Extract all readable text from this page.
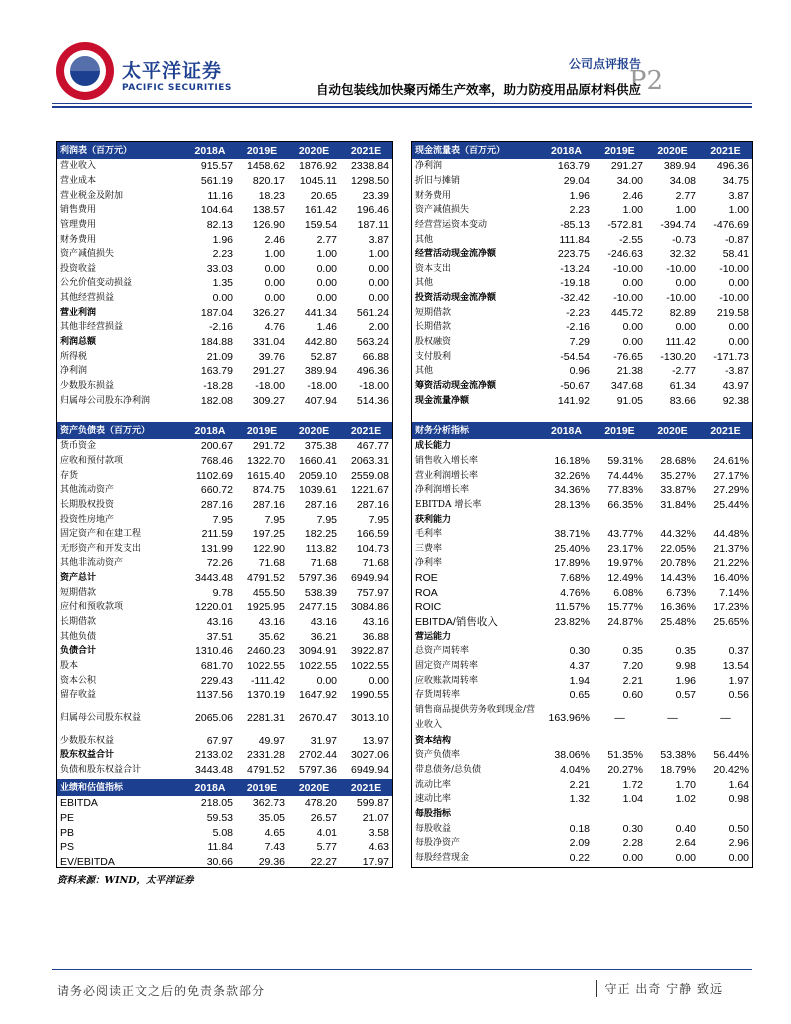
太平洋证券
PACIFIC SECURITIES
公司点评报告
P2
自动包装线加快聚丙烯生产效率，助力防疫用品原材料供应
利润表（百万元）	2018A	2019E	2020E	2021E
营业收入	915.57	1458.62	1876.92	2338.84
营业成本	561.19	820.17	1045.11	1298.50
营业税金及附加	11.16	18.23	20.65	23.39
销售费用	104.64	138.57	161.42	196.46
管理费用	82.13	126.90	159.54	187.11
财务费用	1.96	2.46	2.77	3.87
资产减值损失	2.23	1.00	1.00	1.00
投资收益	33.03	0.00	0.00	0.00
公允价值变动损益	1.35	0.00	0.00	0.00
其他经营损益	0.00	0.00	0.00	0.00
营业利润	187.04	326.27	441.34	561.24
其他非经营损益	-2.16	4.76	1.46	2.00
利润总额	184.88	331.04	442.80	563.24
所得税	21.09	39.76	52.87	66.88
净利润	163.79	291.27	389.94	496.36
少数股东损益	-18.28	-18.00	-18.00	-18.00
归属母公司股东净利润	182.08	309.27	407.94	514.36
现金流量表（百万元）	2018A	2019E	2020E	2021E
净利润	163.79	291.27	389.94	496.36
折旧与摊销	29.04	34.00	34.08	34.75
财务费用	1.96	2.46	2.77	3.87
资产减值损失	2.23	1.00	1.00	1.00
经营营运资本变动	-85.13	-572.81	-394.74	-476.69
其他	111.84	-2.55	-0.73	-0.87
经营活动现金流净额	223.75	-246.63	32.32	58.41
资本支出	-13.24	-10.00	-10.00	-10.00
其他	-19.18	0.00	0.00	0.00
投资活动现金流净额	-32.42	-10.00	-10.00	-10.00
短期借款	-2.23	445.72	82.89	219.58
长期借款	-2.16	0.00	0.00	0.00
股权融资	7.29	0.00	111.42	0.00
支付股利	-54.54	-76.65	-130.20	-171.73
其他	0.96	21.38	-2.77	-3.87
筹资活动现金流净额	-50.67	347.68	61.34	43.97
现金流量净额	141.92	91.05	83.66	92.38
资产负债表（百万元）	2018A	2019E	2020E	2021E
货币资金	200.67	291.72	375.38	467.77
应收和预付款项	768.46	1322.70	1660.41	2063.31
存货	1102.69	1615.40	2059.10	2559.08
其他流动资产	660.72	874.75	1039.61	1221.67
长期股权投资	287.16	287.16	287.16	287.16
投资性房地产	7.95	7.95	7.95	7.95
固定资产和在建工程	211.59	197.25	182.25	166.59
无形资产和开发支出	131.99	122.90	113.82	104.73
其他非流动资产	72.26	71.68	71.68	71.68
资产总计	3443.48	4791.52	5797.36	6949.94
短期借款	9.78	455.50	538.39	757.97
应付和预收款项	1220.01	1925.95	2477.15	3084.86
长期借款	43.16	43.16	43.16	43.16
其他负债	37.51	35.62	36.21	36.88
负债合计	1310.46	2460.23	3094.91	3922.87
股本	681.70	1022.55	1022.55	1022.55
资本公积	229.43	-111.42	0.00	0.00
留存收益	1137.56	1370.19	1647.92	1990.55
归属母公司股东权益	2065.06	2281.31	2670.47	3013.10
少数股东权益	67.97	49.97	31.97	13.97
股东权益合计	2133.02	2331.28	2702.44	3027.06
负债和股东权益合计	3443.48	4791.52	5797.36	6949.94
业绩和估值指标	2018A	2019E	2020E	2021E
EBITDA	218.05	362.73	478.20	599.87
PE	59.53	35.05	26.57	21.07
PB	5.08	4.65	4.01	3.58
PS	11.84	7.43	5.77	4.63
EV/EBITDA	30.66	29.36	22.27	17.97
财务分析指标	2018A	2019E	2020E	2021E
成长能力				
销售收入增长率	16.18%	59.31%	28.68%	24.61%
营业利润增长率	32.26%	74.44%	35.27%	27.17%
净利润增长率	34.36%	77.83%	33.87%	27.29%
EBITDA 增长率	28.13%	66.35%	31.84%	25.44%
获利能力				
毛利率	38.71%	43.77%	44.32%	44.48%
三费率	25.40%	23.17%	22.05%	21.37%
净利率	17.89%	19.97%	20.78%	21.22%
ROE	7.68%	12.49%	14.43%	16.40%
ROA	4.76%	6.08%	6.73%	7.14%
ROIC	11.57%	15.77%	16.36%	17.23%
EBITDA/销售收入	23.82%	24.87%	25.48%	25.65%
营运能力				
总资产周转率	0.30	0.35	0.35	0.37
固定资产周转率	4.37	7.20	9.98	13.54
应收账款周转率	1.94	2.21	1.96	1.97
存货周转率	0.65	0.60	0.57	0.56
销售商品提供劳务收到现金/营业收入	163.96%	—	—	—
资本结构				
资产负债率	38.06%	51.35%	53.38%	56.44%
带息债务/总负债	4.04%	20.27%	18.79%	20.42%
流动比率	2.21	1.72	1.70	1.64
速动比率	1.32	1.04	1.02	0.98
每股指标				
每股收益	0.18	0.30	0.40	0.50
每股净资产	2.09	2.28	2.64	2.96
每股经营现金	0.22	0.00	0.00	0.00
资料来源：WIND，太平洋证券
请务必阅读正文之后的免责条款部分	守正 出奇 宁静 致远
